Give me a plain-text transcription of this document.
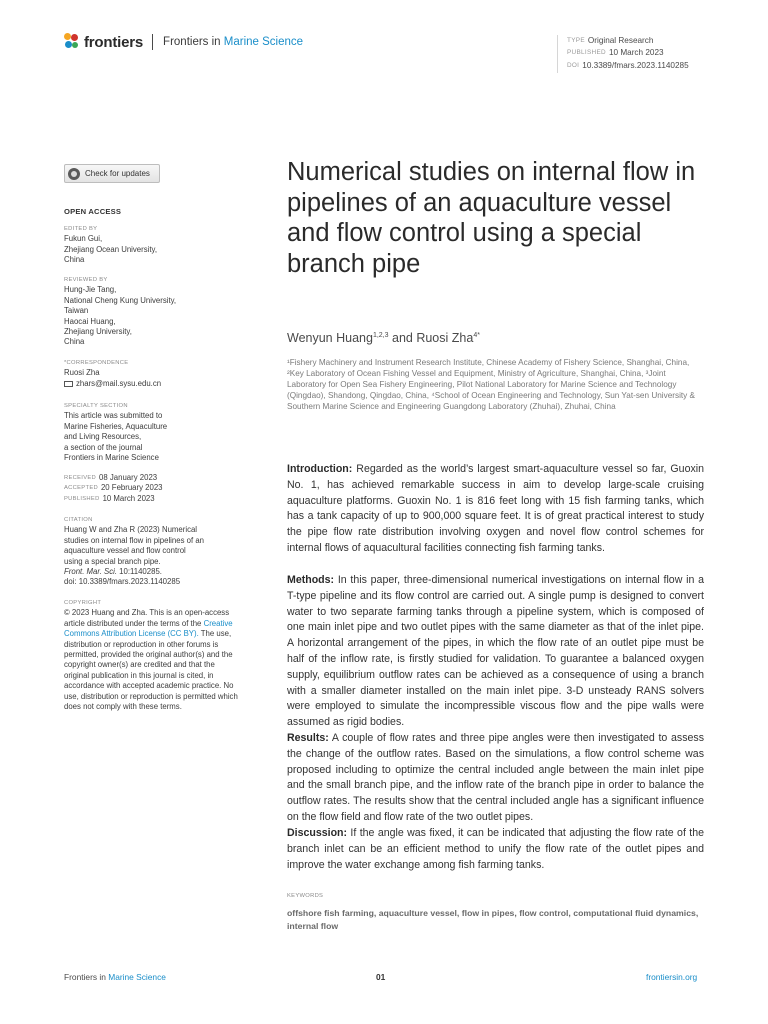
frontiers Frontiers in Marine Science	TYPE Original Research
PUBLISHED 10 March 2023
DOI 10.3389/fmars.2023.1140285
Check for updates
OPEN ACCESS
EDITED BY

Fukun Gui,

Zhejiang Ocean University,

China

REVIEWED BY

Hung-Jie Tang,

National Cheng Kung University,

Taiwan

Haocai Huang,

Zhejiang University,

China

*CORRESPONDENCE

Ruosi Zha

zhars@mail.sysu.edu.cn

SPECIALTY SECTION

This article was submitted to

Marine Fisheries, Aquaculture

and Living Resources,

a section of the journal

Frontiers in Marine Science

RECEIVED 08 January 2023
ACCEPTED 20 February 2023
PUBLISHED 10 March 2023
CITATION

Huang W and Zha R (2023) Numerical

studies on internal flow in pipelines of an

aquaculture vessel and flow control

using a special branch pipe.

Front. Mar. Sci. 10:1140285.

doi: 10.3389/fmars.2023.1140285

COPYRIGHT

© 2023 Huang and Zha. This is an open-access article distributed under the terms of the Creative Commons Attribution License (CC BY). The use, distribution or reproduction in other forums is permitted, provided the original author(s) and the copyright owner(s) are credited and that the original publication in this journal is cited, in accordance with accepted academic practice. No use, distribution or reproduction is permitted which does not comply with these terms.

Numerical studies on internal flow in pipelines of an aquaculture vessel and flow control using a special branch pipe
Wenyun Huang$^{1,2,3}$ and Ruosi Zha$^{4*}$
¹Fishery Machinery and Instrument Research Institute, Chinese Academy of Fishery Science, Shanghai, China, ²Key Laboratory of Ocean Fishing Vessel and Equipment, Ministry of Agriculture, Shanghai, China, ³Joint Laboratory for Open Sea Fishery Engineering, Pilot National Laboratory for Marine Science and Technology (Qingdao), Shandong, Qingdao, China, ⁴School of Ocean Engineering and Technology, Sun Yat-sen University & Southern Marine Science and Engineering Guangdong Laboratory (Zhuhai), Zhuhai, China

Introduction: Regarded as the world’s largest smart-aquaculture vessel so far, Guoxin No. 1, has achieved remarkable success in aim to develop large-scale cruising aquaculture platforms. Guoxin No. 1 is 816 feet long with 15 fish farming tanks, which has a tank capacity of up to 900,000 square feet. It is of great practical interest to study the pipe flow rate distribution involving oxygen and novel flow control schemes for internal flows of aquacultural facilities connecting fish farming tanks.

Methods: In this paper, three-dimensional numerical investigations on internal flow in a T-type pipeline and its flow control are carried out. A single pump is designed to convert water to two separate farming tanks through a pipeline system, which is composed of one main inlet pipe and two outlet pipes with the same diameter as that of the inlet pipe. A horizontal arrangement of the pipes, in which the flow rate of an outlet pipe must be half of the inflow rate, is firstly studied for validation. To guarantee a balanced oxygen supply, equilibrium outflow rates can be achieved as a consequence of using a branch with a smaller diameter installed on the main inlet pipe. 3-D unsteady RANS solvers were employed to simulate the incompressible viscous flow and the pipe walls were assumed as rigid bodies.

Results: A couple of flow rates and three pipe angles were then investigated to assess the change of the outflow rates. Based on the simulations, a flow control scheme was proposed including to optimize the central included angle between the main inlet pipe and the small branch pipe, and the inflow rate of the branch pipe in order to balance the outflow rates. The results show that the central included angle has a significant influence on the flow field and flow rate of the two outlet pipes.

Discussion: If the angle was fixed, it can be indicated that adjusting the flow rate of the branch inlet can be an efficient method to unify the flow rate of the outlet pipes and improve the water exchange among fish farming tanks.

KEYWORDS
offshore fish farming, aquaculture vessel, flow in pipes, flow control, computational fluid dynamics, internal flow
Frontiers in Marine Science	01	frontiersin.org
